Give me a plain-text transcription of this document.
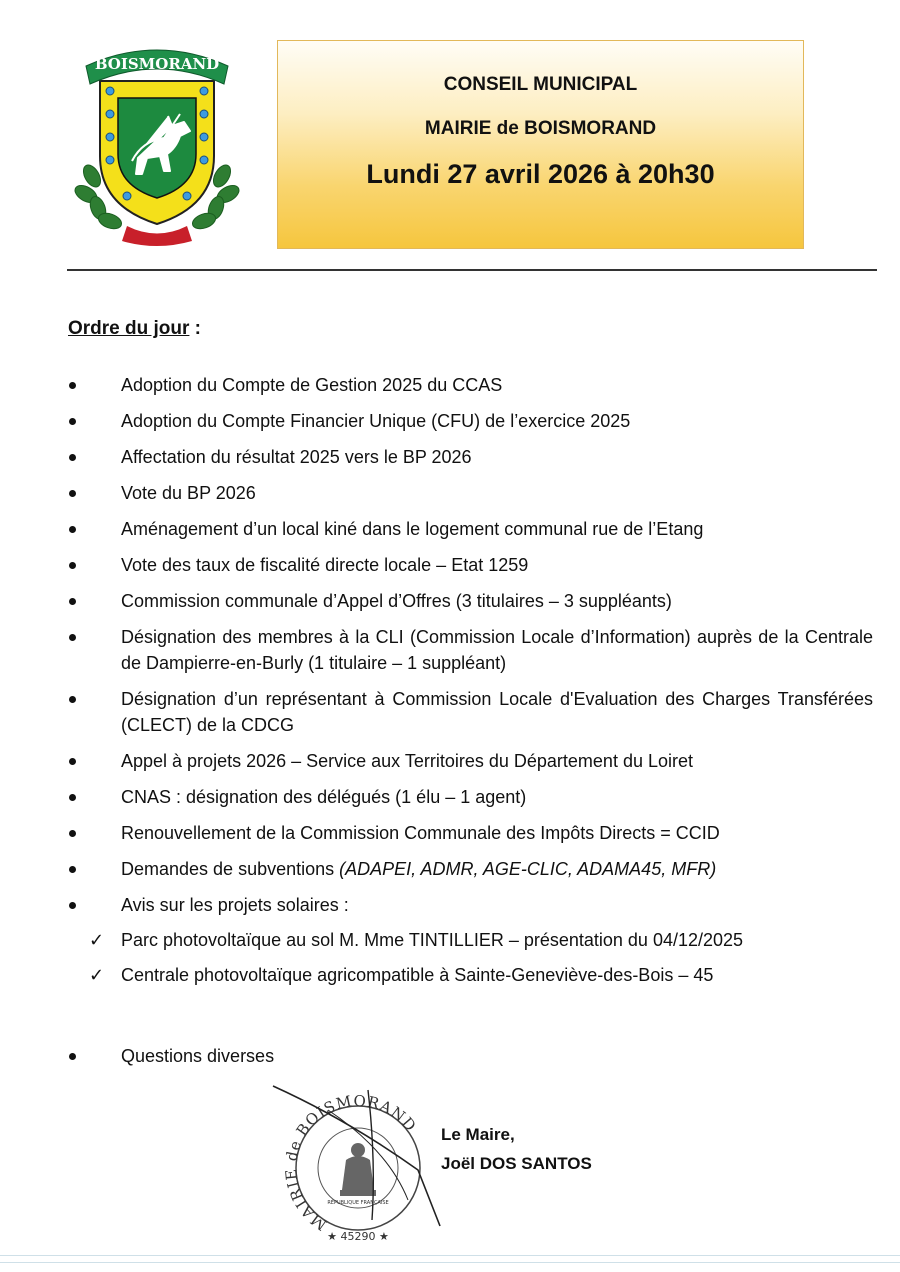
BOISMORAND
CONSEIL MUNICIPAL
MAIRIE de BOISMORAND
Lundi 27 avril 2026 à 20h30
Ordre du jour :
Adoption du Compte de Gestion 2025 du CCAS
Adoption du Compte Financier Unique (CFU) de l’exercice 2025
Affectation du résultat 2025 vers le BP 2026
Vote du BP 2026
Aménagement d’un local kiné dans le logement communal rue de l’Etang
Vote des taux de fiscalité directe locale – Etat 1259
Commission communale d’Appel d’Offres (3 titulaires – 3 suppléants)
Désignation des membres à la CLI (Commission Locale d’Information) auprès de la Centrale de Dampierre-en-Burly (1 titulaire – 1 suppléant)
Désignation d’un représentant à Commission Locale d'Evaluation des Charges Transférées (CLECT) de la CDCG
Appel à projets 2026 – Service aux Territoires du Département du Loiret
CNAS : désignation des délégués (1 élu – 1 agent)
Renouvellement de la Commission Communale des Impôts Directs = CCID
Demandes de subventions (ADAPEI, ADMR, AGE-CLIC, ADAMA45, MFR)
Avis sur les projets solaires :
✓ Parc photovoltaïque au sol M. Mme TINTILLIER – présentation du 04/12/2025
✓ Centrale photovoltaïque agricompatible à Sainte-Geneviève-des-Bois – 45
Questions diverses
MAIRIE de BOISMORAND
RÉPUBLIQUE FRANÇAISE
★ 45290 ★
Le Maire,
Joël DOS SANTOS
